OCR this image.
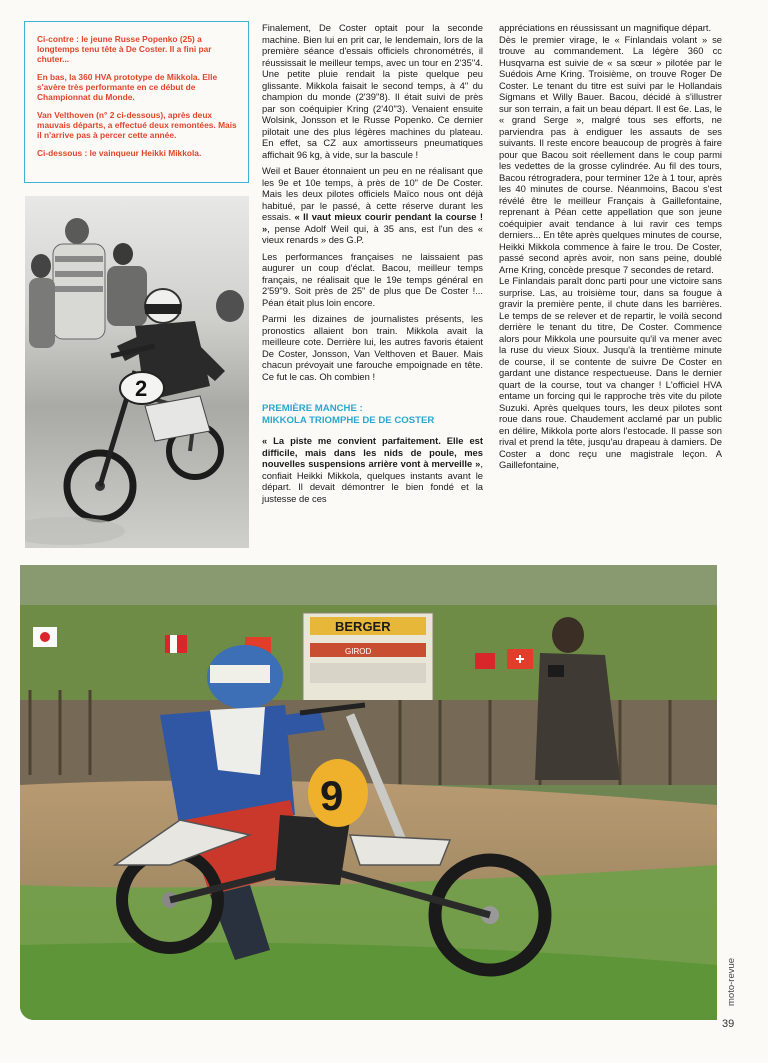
Ci-contre : le jeune Russe Popenko (25) a longtemps tenu tête à De Coster. Il a fini par chuter...

En bas, la 360 HVA prototype de Mikkola. Elle s'avère très performante en ce début de Championnat du Monde.

Van Velthoven (n° 2 ci-dessous), après deux mauvais départs, a effectué deux remontées. Mais il n'arrive pas à percer cette année.

Ci-dessous : le vainqueur Heikki Mikkola.

2

Finalement, De Coster optait pour la seconde machine. Bien lui en prit car, le lendemain, lors de la première séance d'essais officiels chronométrés, il réussissait le meilleur temps, avec un tour en 2'35"4. Une petite pluie rendait la piste quelque peu glissante. Mikkola faisait le second temps, à 4" du champion du monde (2'39"8). Il était suivi de près par son coéquipier Kring (2'40"3). Venaient ensuite Wolsink, Jonsson et le Russe Popenko. Ce dernier pilotait une des plus légères machines du plateau. En effet, sa CZ aux amortisseurs pneumatiques affichait 96 kg, à vide, sur la bascule !

Weil et Bauer étonnaient un peu en ne réalisant que les 9e et 10e temps, à près de 10" de De Coster. Mais les deux pilotes officiels Maïco nous ont déjà habitué, par le passé, à cette réserve durant les essais. « Il vaut mieux courir pendant la course ! », pense Adolf Weil qui, à 35 ans, est l'un des « vieux renards » des G.P.

Les performances françaises ne laissaient pas augurer un coup d'éclat. Bacou, meilleur temps français, ne réalisait que le 19e temps général en 2'59"9. Soit près de 25" de plus que De Coster !... Péan était plus loin encore.

Parmi les dizaines de journalistes présents, les pronostics allaient bon train. Mikkola avait la meilleure cote. Derrière lui, les autres favoris étaient De Coster, Jonsson, Van Velthoven et Bauer. Mais chacun prévoyait une farouche empoignade en tête. Ce fut le cas. Oh combien !

PREMIÈRE MANCHE :
MIKKOLA TRIOMPHE DE DE COSTER

« La piste me convient parfaitement. Elle est difficile, mais dans les nids de poule, mes nouvelles suspensions arrière vont à merveille », confiait Heikki Mikkola, quelques instants avant le départ. Il devait démontrer le bien fondé et la justesse de ces

appréciations en réussissant un magnifique départ.

Dès le premier virage, le « Finlandais volant » se trouve au commandement. La légère 360 cc Husqvarna est suivie de « sa sœur » pilotée par le Suédois Arne Kring. Troisième, on trouve Roger De Coster. Le tenant du titre est suivi par le Hollandais Sigmans et Willy Bauer. Bacou, décidé à s'illustrer sur son terrain, a fait un beau départ. Il est 6e. Las, le « grand Serge », malgré tous ses efforts, ne parviendra pas à endiguer les assauts de ses suivants. Il reste encore beaucoup de progrès à faire pour que Bacou soit réellement dans le coup parmi les vedettes de la grosse cylindrée. Au fil des tours, Bacou rétrogradera, pour terminer 12e à 1 tour, après les 40 minutes de course. Néanmoins, Bacou s'est révélé être le meilleur Français à Gaillefontaine, reprenant à Péan cette appellation que son jeune coéquipier avait tendance à lui ravir ces temps derniers... En tête après quelques minutes de course, Heikki Mikkola commence à faire le trou. De Coster, passé second après avoir, non sans peine, doublé Arne Kring, concède presque 7 secondes de retard.

Le Finlandais paraît donc parti pour une victoire sans surprise. Las, au troisième tour, dans sa fougue à gravir la première pente, il chute dans les barrières. Le temps de se relever et de repartir, le voilà second derrière le tenant du titre, De Coster. Commence alors pour Mikkola une poursuite qu'il va mener avec la ruse du vieux Sioux. Jusqu'à la trentième minute de course, il se contente de suivre De Coster en gardant une distance respectueuse. Dans le dernier quart de la course, tout va changer ! L'officiel HVA entame un forcing qui le rapproche très vite du pilote Suzuki. Après quelques tours, les deux pilotes sont roue dans roue. Chaudement acclamé par un public en délire, Mikkola porte alors l'estocade. Il passe son rival et prend la tête, jusqu'au drapeau à damiers. De Coster a donc reçu une magistrale leçon. A Gaillefontaine,

BERGER
GIROD
9
moto-revue
39
